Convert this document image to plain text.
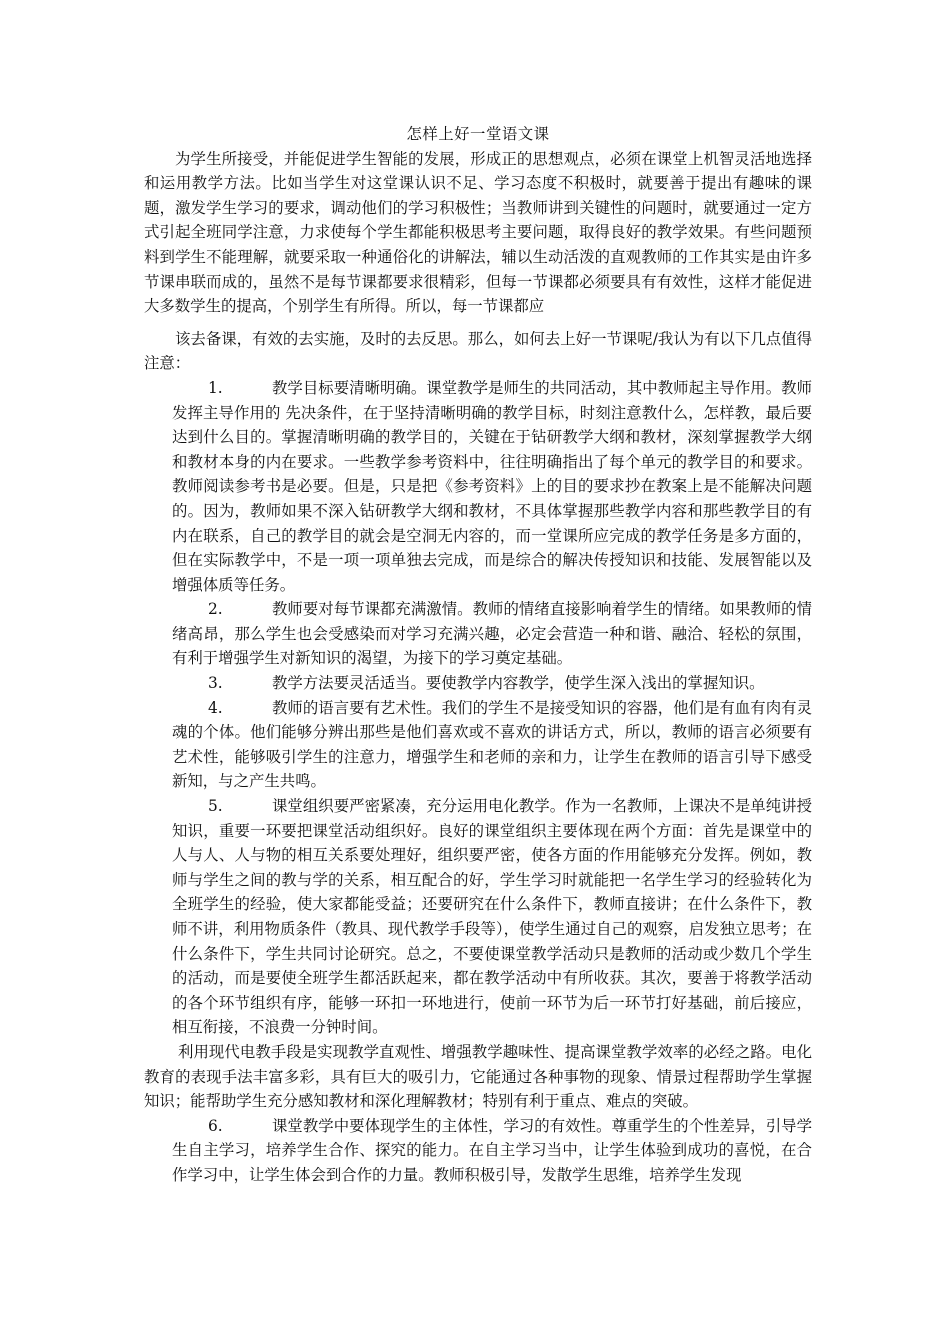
怎样上好一堂语文课

为学生所接受，并能促进学生智能的发展，形成正的思想观点，必须在课堂上机智灵活地选择和运用教学方法。比如当学生对这堂课认识不足、学习态度不积极时，就要善于提出有趣味的课题，激发学生学习的要求，调动他们的学习积极性；当教师讲到关键性的问题时，就要通过一定方式引起全班同学注意，力求使每个学生都能积极思考主要问题，取得良好的教学效果。有些问题预料到学生不能理解，就要采取一种通俗化的讲解法，辅以生动活泼的直观教师的工作其实是由许多节课串联而成的，虽然不是每节课都要求很精彩，但每一节课都必须要具有有效性，这样才能促进大多数学生的提高，个别学生有所得。所以，每一节课都应

该去备课，有效的去实施，及时的去反思。那么，如何去上好一节课呢/我认为有以下几点值得注意：

1.	教学目标要清晰明确。课堂教学是师生的共同活动，其中教师起主导作用。教师发挥主导作用的 先决条件，在于坚持清晰明确的教学目标，时刻注意教什么，怎样教，最后要达到什么目的。掌握清晰明确的教学目的，关键在于钻研教学大纲和教材，深刻掌握教学大纲和教材本身的内在要求。一些教学参考资料中，往往明确指出了每个单元的教学目的和要求。教师阅读参考书是必要。但是，只是把《参考资料》上的目的要求抄在教案上是不能解决问题的。因为，教师如果不深入钻研教学大纲和教材，不具体掌握那些教学内容和那些教学目的有内在联系，自己的教学目的就会是空洞无内容的，而一堂课所应完成的教学任务是多方面的，但在实际教学中，不是一项一项单独去完成，而是综合的解决传授知识和技能、发展智能以及增强体质等任务。
2.	教师要对每节课都充满激情。教师的情绪直接影响着学生的情绪。如果教师的情绪高昂，那么学生也会受感染而对学习充满兴趣，必定会营造一种和谐、融洽、轻松的氛围，有利于增强学生对新知识的渴望，为接下的学习奠定基础。
3.	教学方法要灵活适当。要使教学内容教学，使学生深入浅出的掌握知识。
4.	教师的语言要有艺术性。我们的学生不是接受知识的容器，他们是有血有肉有灵魂的个体。他们能够分辨出那些是他们喜欢或不喜欢的讲话方式，所以，教师的语言必须要有艺术性，能够吸引学生的注意力，增强学生和老师的亲和力，让学生在教师的语言引导下感受新知，与之产生共鸣。
5.	课堂组织要严密紧凑，充分运用电化教学。作为一名教师，上课决不是单纯讲授知识，重要一环要把课堂活动组织好。良好的课堂组织主要体现在两个方面：首先是课堂中的人与人、人与物的相互关系要处理好，组织要严密，使各方面的作用能够充分发挥。例如，教师与学生之间的教与学的关系，相互配合的好，学生学习时就能把一名学生学习的经验转化为全班学生的经验，使大家都能受益；还要研究在什么条件下，教师直接讲；在什么条件下，教师不讲，利用物质条件（教具、现代教学手段等），使学生通过自己的观察，启发独立思考；在什么条件下，学生共同讨论研究。总之，不要使课堂教学活动只是教师的活动或少数几个学生的活动，而是要使全班学生都活跃起来，都在教学活动中有所收获。其次，要善于将教学活动的各个环节组织有序，能够一环扣一环地进行，使前一环节为后一环节打好基础，前后接应，相互衔接，不浪费一分钟时间。

利用现代电教手段是实现教学直观性、增强教学趣味性、提高课堂教学效率的必经之路。电化教育的表现手法丰富多彩，具有巨大的吸引力，它能通过各种事物的现象、情景过程帮助学生掌握知识；能帮助学生充分感知教材和深化理解教材；特别有利于重点、难点的突破。

6.	课堂教学中要体现学生的主体性，学习的有效性。尊重学生的个性差异，引导学生自主学习，培养学生合作、探究的能力。在自主学习当中，让学生体验到成功的喜悦，在合作学习中，让学生体会到合作的力量。教师积极引导，发散学生思维，培养学生发现
